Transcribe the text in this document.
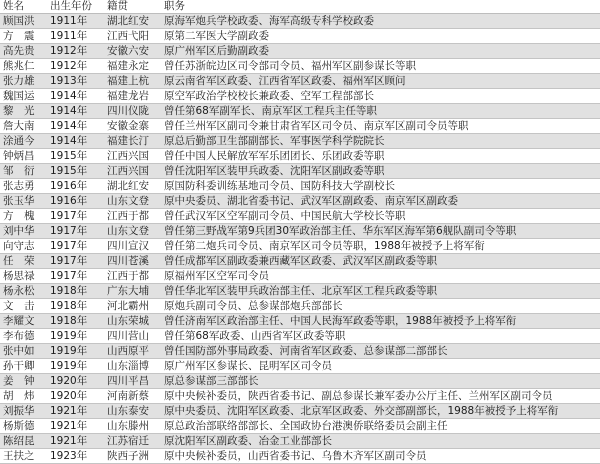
姓名	出生年份	籍贯	职务	
顾国洪	1911年	湖北红安	原海军炮兵学校政委、海军高级专科学校政委	
方　震	1911年	江西弋阳	原第二军医大学副政委	
高先贵	1912年	安徽六安	原广州军区后勤副政委	
熊兆仁	1912年	福建永定	曾任苏浙皖边区司令部司令员、福州军区副参谋长等职	
张力雄	1913年	福建上杭	原云南省军区政委、江西省军区政委、福州军区顾问	
魏国运	1914年	福建龙岩	原空军政治学校校长兼政委、空军工程部部长	
黎　光	1914年	四川仪陇	曾任第68军副军长、南京军区工程兵主任等职	
詹大南	1914年	安徽金寨	曾任兰州军区副司令兼甘肃省军区司令员、南京军区副司令员等职	
涂通今	1914年	福建长汀	原总后勤部卫生部副部长、军事医学科学院院长	
钟炳昌	1915年	江西兴国	曾任中国人民解放军军乐团团长、乐团政委等职	
邹　衍	1915年	江西兴国	曾任沈阳军区装甲兵政委、沈阳军区副政委等职	
张志勇	1916年	湖北红安	原国防科委训练基地司令员、国防科技大学副校长	
张玉华	1916年	山东文登	原中央委员、湖北省委书记、武汉军区副政委、南京军区副政委	
方　槐	1917年	江西于都	曾任武汉军区空军副司令员、中国民航大学校长等职	
刘中华	1917年	山东文登	曾任第三野战军第9兵团30军政治部主任、华东军区海军第6舰队副司令等职	
向守志	1917年	四川宣汉	曾任第二炮兵司令员、南京军区司令员等职，1988年被授予上将军衔	
任　荣	1917年	四川苍溪	曾任成都军区副政委兼西藏军区政委、武汉军区副政委等职	
杨思禄	1917年	江西于都	原福州军区空军司令员	
杨永松	1918年	广东大埔	曾任华北军区装甲兵政治部主任、北京军区工程兵政委等职	
文　击	1918年	河北霸州	原炮兵副司令员、总参谋部炮兵部部长	
李耀文	1918年	山东荣城	曾任济南军区政治部主任、中国人民海军政委等职，1988年被授予上将军衔	
李布德	1919年	四川营山	曾任第68军政委、山西省军区政委等职	
张中如	1919年	山西原平	曾任国防部外事局政委、河南省军区政委、总参谋部二部部长	
孙干卿	1919年	山东淄博	原广州军区参谋长、昆明军区司令员	
姜　钟	1920年	四川平昌	原总参谋部三部部长	
胡　炜	1920年	河南新蔡	原中央候补委员，陕西省委书记、副总参谋长兼军委办公厅主任、兰州军区副司令员	
刘振华	1921年	山东泰安	原中央委员、沈阳军区政委、北京军区政委、外交部副部长，1988年被授予上将军衔	
杨斯德	1921年	山东滕州	原总政治部联络部部长、全国政协台港澳侨联络委员会副主任	
陈绍昆	1921年	江苏宿迁	原沈阳军区副政委、冶金工业部部长	
王扶之	1923年	陕西子洲	原中央候补委员，山西省委书记、乌鲁木齐军区副司令员	
